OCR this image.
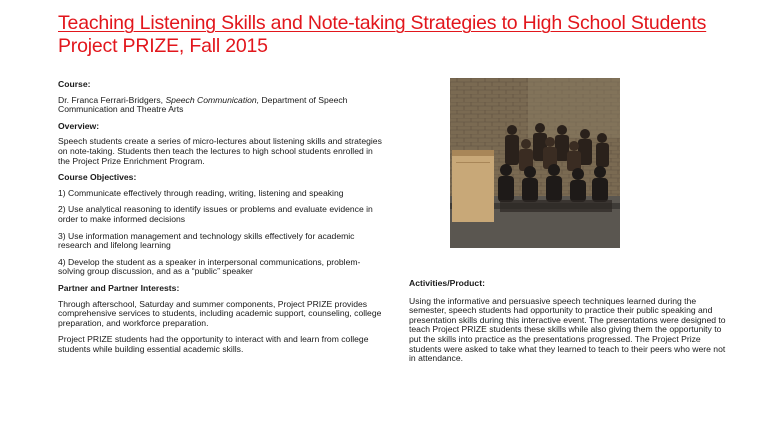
Teaching Listening Skills and Note-taking Strategies to High School Students
Project PRIZE, Fall 2015
Course:
Dr. Franca Ferrari-Bridgers, Speech Communication, Department of Speech Communication and Theatre Arts
Overview:
Speech students create a series of micro-lectures about listening skills and strategies on note-taking. Students then teach the lectures to high school students enrolled in the Project Prize Enrichment Program.
Course Objectives:
1) Communicate effectively through reading, writing, listening and speaking
2) Use analytical reasoning to identify issues or problems and evaluate evidence in order to make informed decisions
3) Use information management and technology skills effectively for academic research and lifelong learning
4) Develop the student as a speaker in interpersonal communications, problem-solving group discussion, and as a “public” speaker
Partner and Partner Interests:
Through afterschool, Saturday and summer components, Project PRIZE provides comprehensive services to students, including academic support, counseling, college preparation, and workforce preparation.
Project PRIZE students had the opportunity to interact with and learn from college students while building essential academic skills.
Activities/Product:
Using the informative and persuasive speech techniques learned during the semester, speech students had opportunity to practice their public speaking and presentation skills during this interactive event. The presentations were designed to teach Project PRIZE students these skills while also giving them the opportunity to put the skills into practice as the presentations progressed. The Project Prize students were asked to take what they learned to teach to their peers who were not in attendance.
